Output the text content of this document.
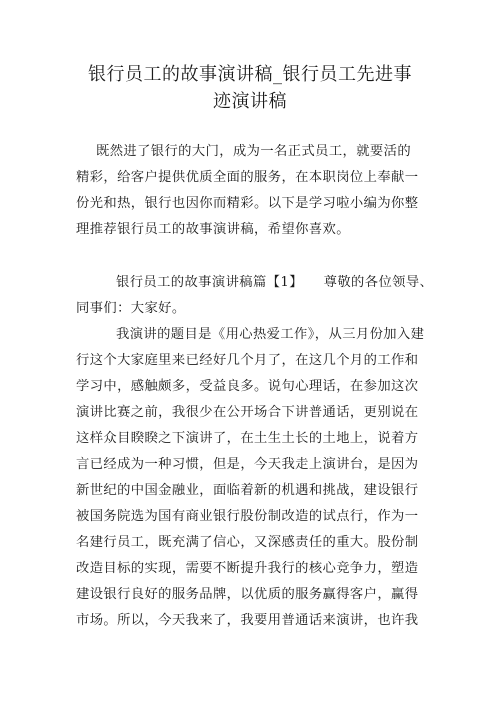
银行员工的故事演讲稿_银行员工先进事
迹演讲稿
既然进了银行的大门，成为一名正式员工，就要活的
精彩，给客户提供优质全面的服务，在本职岗位上奉献一
份光和热，银行也因你而精彩。以下是学习啦小编为你整
理推荐银行员工的故事演讲稿，希望你喜欢。
银行员工的故事演讲稿篇【1】　　尊敬的各位领导、
同事们：大家好。
我演讲的题目是《用心热爱工作》，从三月份加入建
行这个大家庭里来已经好几个月了，在这几个月的工作和
学习中，感触颇多，受益良多。说句心理话，在参加这次
演讲比赛之前，我很少在公开场合下讲普通话，更别说在
这样众目睽睽之下演讲了，在土生土长的土地上，说着方
言已经成为一种习惯，但是，今天我走上演讲台，是因为
新世纪的中国金融业，面临着新的机遇和挑战，建设银行
被国务院选为国有商业银行股份制改造的试点行，作为一
名建行员工，既充满了信心，又深感责任的重大。股份制
改造目标的实现，需要不断提升我行的核心竞争力，塑造
建设银行良好的服务品牌，以优质的服务赢得客户，赢得
市场。所以，今天我来了，我要用普通话来演讲，也许我
